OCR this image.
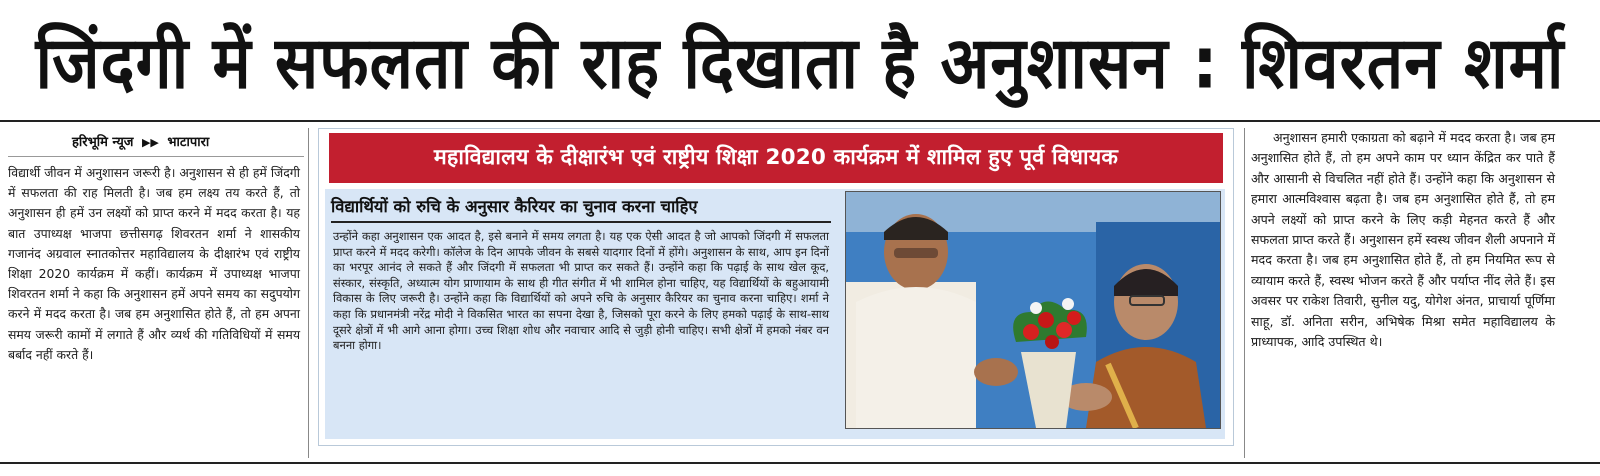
जिंदगी में सफलता की राह दिखाता है अनुशासन : शिवरतन शर्मा
हरिभूमि न्यूज ▶▶ भाटापारा

विद्यार्थी जीवन में अनुशासन जरूरी है। अनुशासन से ही हमें जिंदगी में सफलता की राह मिलती है। जब हम लक्ष्य तय करते हैं, तो अनुशासन ही हमें उन लक्ष्यों को प्राप्त करने में मदद करता है। यह बात उपाध्यक्ष भाजपा छत्तीसगढ़ शिवरतन शर्मा ने शासकीय गजानंद अग्रवाल स्नातकोत्तर महाविद्यालय के दीक्षारंभ एवं राष्ट्रीय शिक्षा 2020 कार्यक्रम में कहीं। कार्यक्रम में उपाध्यक्ष भाजपा शिवरतन शर्मा ने कहा कि अनुशासन हमें अपने समय का सदुपयोग करने में मदद करता है। जब हम अनुशासित होते हैं, तो हम अपना समय जरूरी कामों में लगाते हैं और व्यर्थ की गतिविधियों में समय बर्बाद नहीं करते हैं।

महाविद्यालय के दीक्षारंभ एवं राष्ट्रीय शिक्षा 2020 कार्यक्रम में शामिल हुए पूर्व विधायक
विद्यार्थियों को रुचि के अनुसार कैरियर का चुनाव करना चाहिए

उन्होंने कहा अनुशासन एक आदत है, इसे बनाने में समय लगता है। यह एक ऐसी आदत है जो आपको जिंदगी में सफलता प्राप्त करने में मदद करेगी। कॉलेज के दिन आपके जीवन के सबसे यादगार दिनों में होंगे। अनुशासन के साथ, आप इन दिनों का भरपूर आनंद ले सकते हैं और जिंदगी में सफलता भी प्राप्त कर सकते हैं। उन्होंने कहा कि पढ़ाई के साथ खेल कूद, संस्कार, संस्कृति, अध्यात्म योग प्राणायाम के साथ ही गीत संगीत में भी शामिल होना चाहिए, यह विद्यार्थियों के बहुआयामी विकास के लिए जरूरी है। उन्होंने कहा कि विद्यार्थियों को अपने रुचि के अनुसार कैरियर का चुनाव करना चाहिए। शर्मा ने कहा कि प्रधानमंत्री नरेंद्र मोदी ने विकसित भारत का सपना देखा है, जिसको पूरा करने के लिए हमको पढ़ाई के साथ-साथ दूसरे क्षेत्रों में भी आगे आना होगा। उच्च शिक्षा शोध और नवाचार आदि से जुड़ी होनी चाहिए। सभी क्षेत्रों में हमको नंबर वन बनना होगा।

अनुशासन हमारी एकाग्रता को बढ़ाने में मदद करता है। जब हम अनुशासित होते हैं, तो हम अपने काम पर ध्यान केंद्रित कर पाते हैं और आसानी से विचलित नहीं होते हैं। उन्होंने कहा कि अनुशासन से हमारा आत्मविश्वास बढ़ता है। जब हम अनुशासित होते हैं, तो हम अपने लक्ष्यों को प्राप्त करने के लिए कड़ी मेहनत करते हैं और सफलता प्राप्त करते हैं। अनुशासन हमें स्वस्थ जीवन शैली अपनाने में मदद करता है। जब हम अनुशासित होते हैं, तो हम नियमित रूप से व्यायाम करते हैं, स्वस्थ भोजन करते हैं और पर्याप्त नींद लेते हैं। इस अवसर पर राकेश तिवारी, सुनील यदु, योगेश अंनत, प्राचार्या पूर्णिमा साहू, डॉ. अनिता सरीन, अभिषेक मिश्रा समेत महाविद्यालय के प्राध्यापक, आदि उपस्थित थे।
